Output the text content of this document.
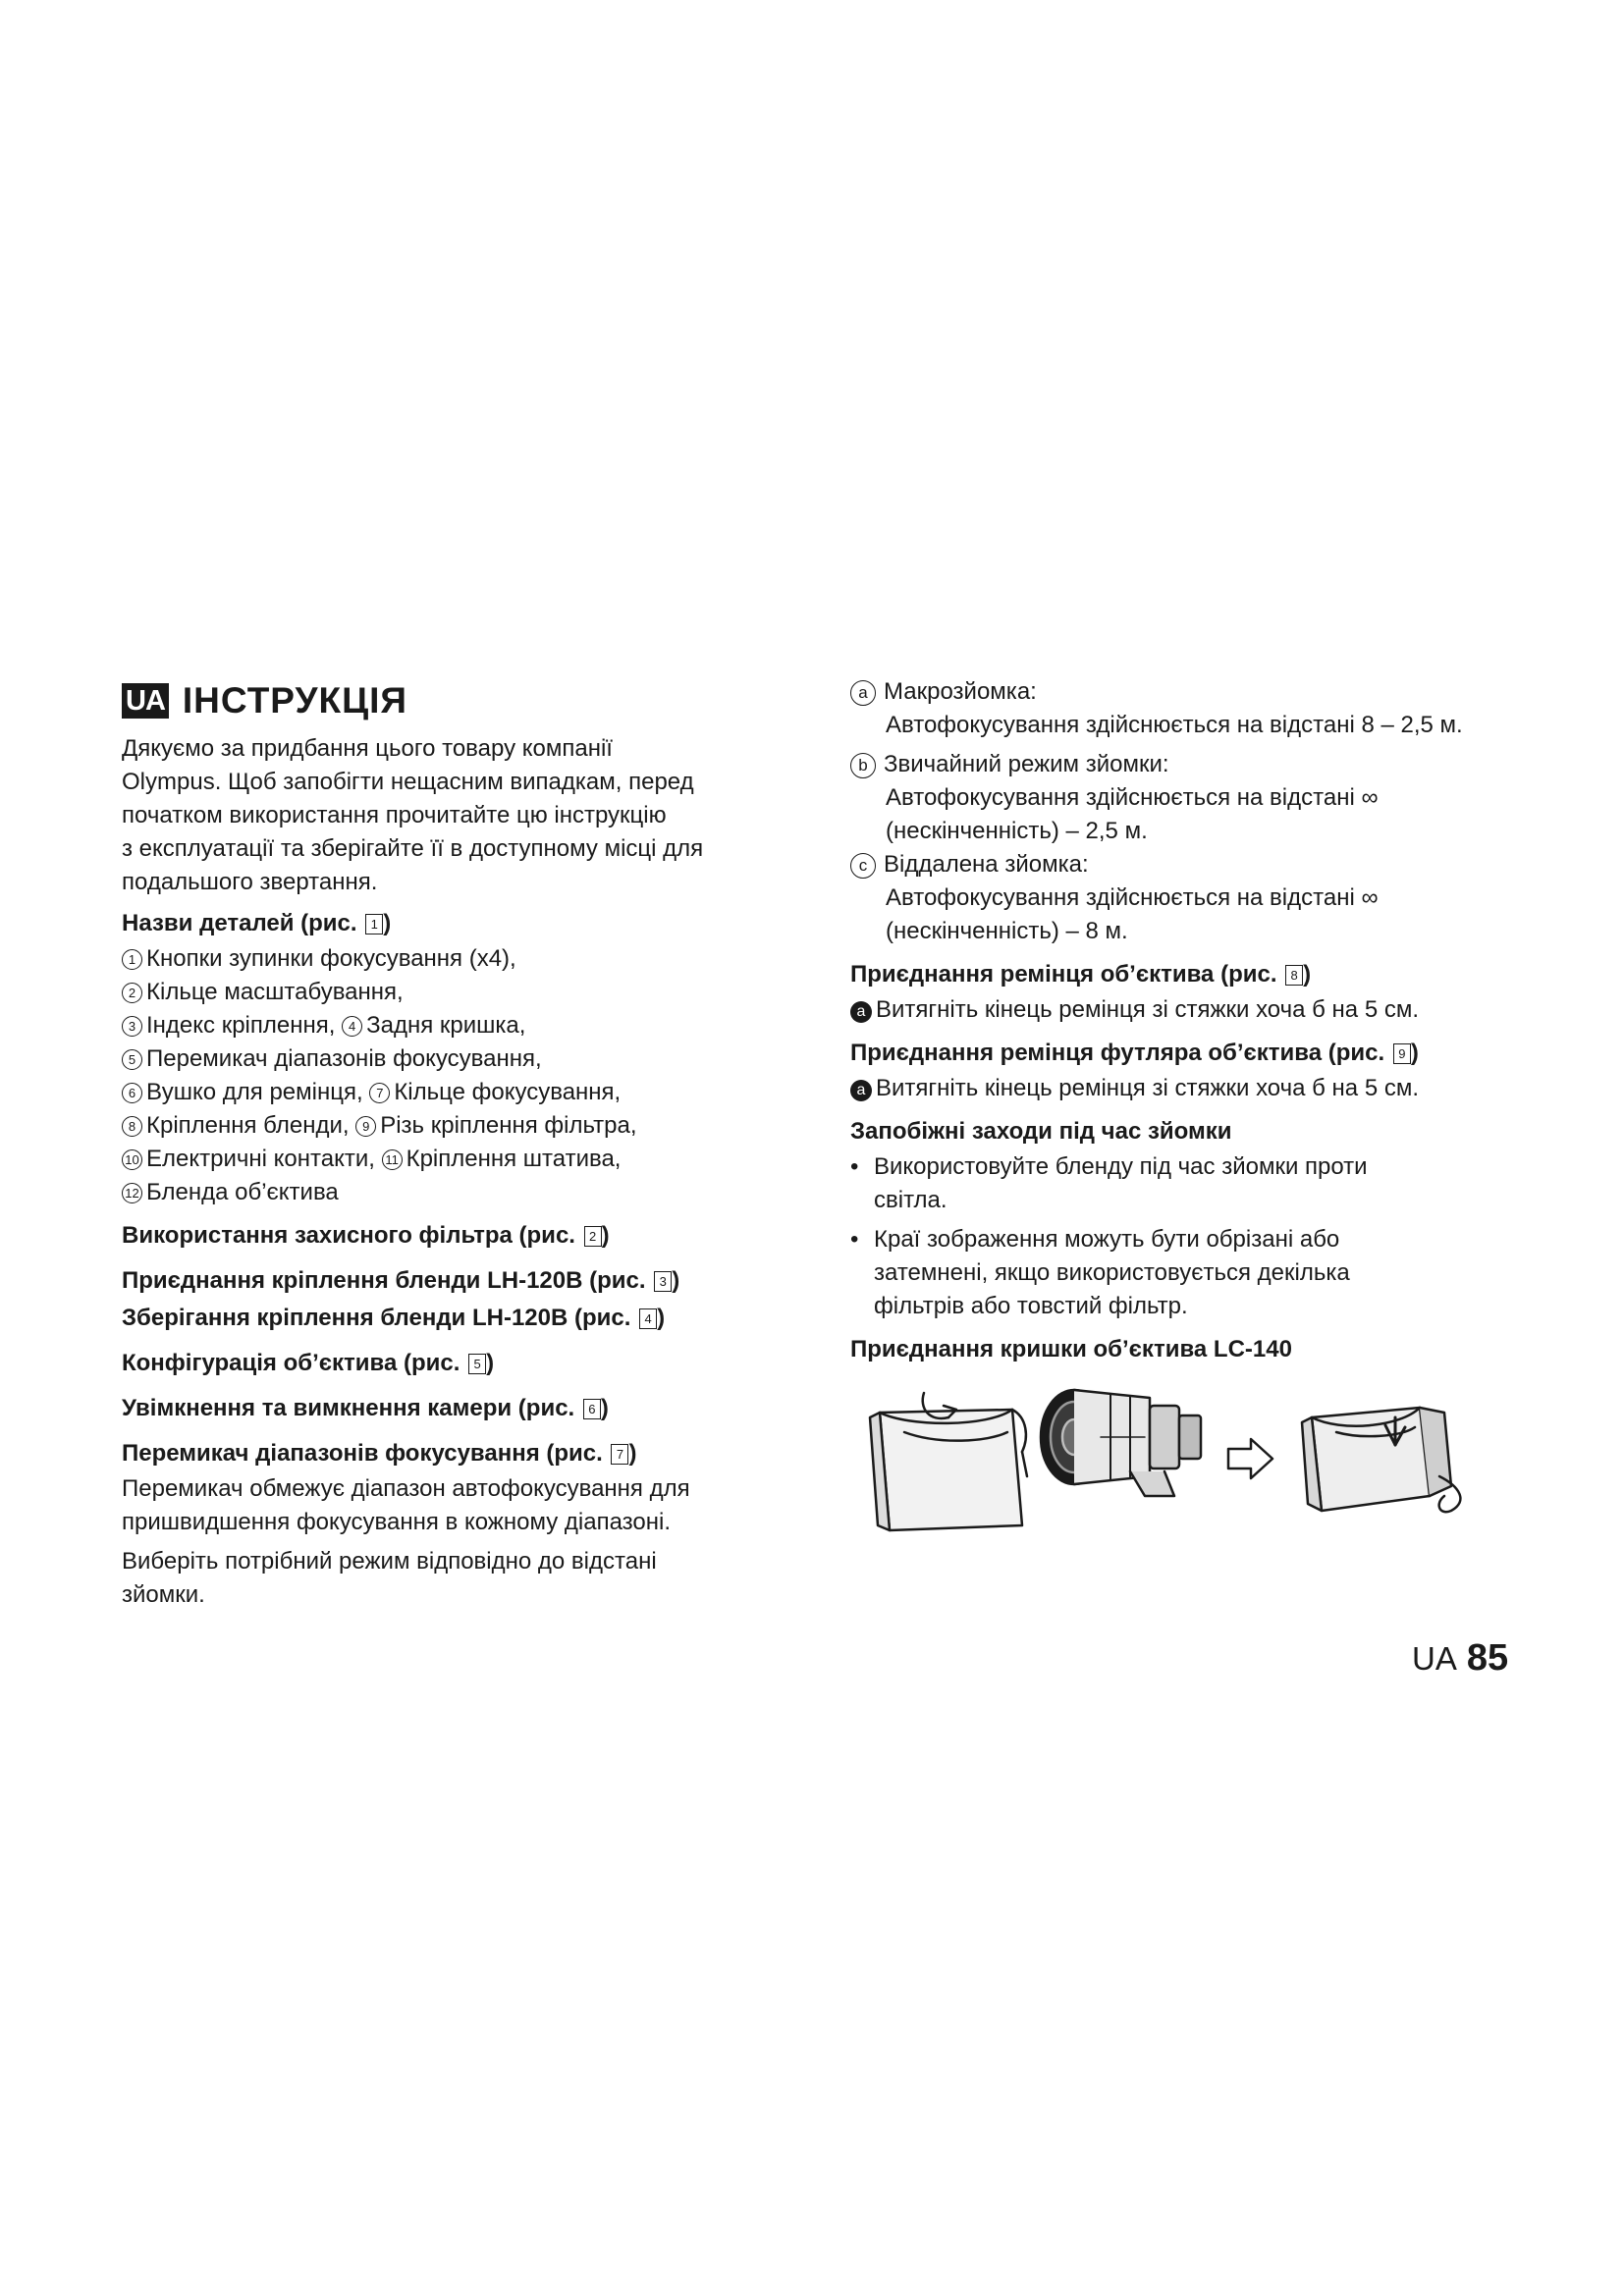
UA ІНСТРУКЦІЯ
Дякуємо за придбання цього товару компанії
Olympus. Щоб запобігти нещасним випадкам, перед
початком використання прочитайте цю інструкцію
з експлуатації та зберігайте її в доступному місці для
подальшого звертання.
Назви деталей (рис. 1 )
1 Кнопки зупинки фокусування (x4),
2 Кільце масштабування,
3 Індекс кріплення, 4 Задня кришка,
5 Перемикач діапазонів фокусування,
6 Вушко для ремінця, 7 Кільце фокусування,
8 Кріплення бленди, 9 Різь кріплення фільтра,
10 Електричні контакти, 11 Кріплення штатива,
12 Бленда об’єктива
Використання захисного фільтра (рис. 2 )
Приєднання кріплення бленди LH-120B (рис. 3 )
Зберігання кріплення бленди LH-120B (рис. 4 )
Конфігурація об’єктива (рис. 5 )
Увімкнення та вимкнення камери (рис. 6 )
Перемикач діапазонів фокусування (рис. 7 )
Перемикач обмежує діапазон автофокусування для
пришвидшення фокусування в кожному діапазоні.
Виберіть потрібний режим відповідно до відстані
зйомки.
a Макрозйомка:
Автофокусування здійснюється на відстані 8 – 2,5 м.
b Звичайний режим зйомки:
Автофокусування здійснюється на відстані ∞
(нескінченність) – 2,5 м.
c Віддалена зйомка:
Автофокусування здійснюється на відстані ∞
(нескінченність) – 8 м.
Приєднання ремінця об’єктива (рис. 8 )
a Витягніть кінець ремінця зі стяжки хоча б на 5 см.
Приєднання ремінця футляра об’єктива (рис. 9 )
a Витягніть кінець ремінця зі стяжки хоча б на 5 см.
Запобіжні заходи під час зйомки
• Використовуйте бленду під час зйомки проти
світла.
• Краї зображення можуть бути обрізані або
затемнені, якщо використовується декілька
фільтрів або товстий фільтр.
Приєднання кришки об’єктива LC-140
UA 85
